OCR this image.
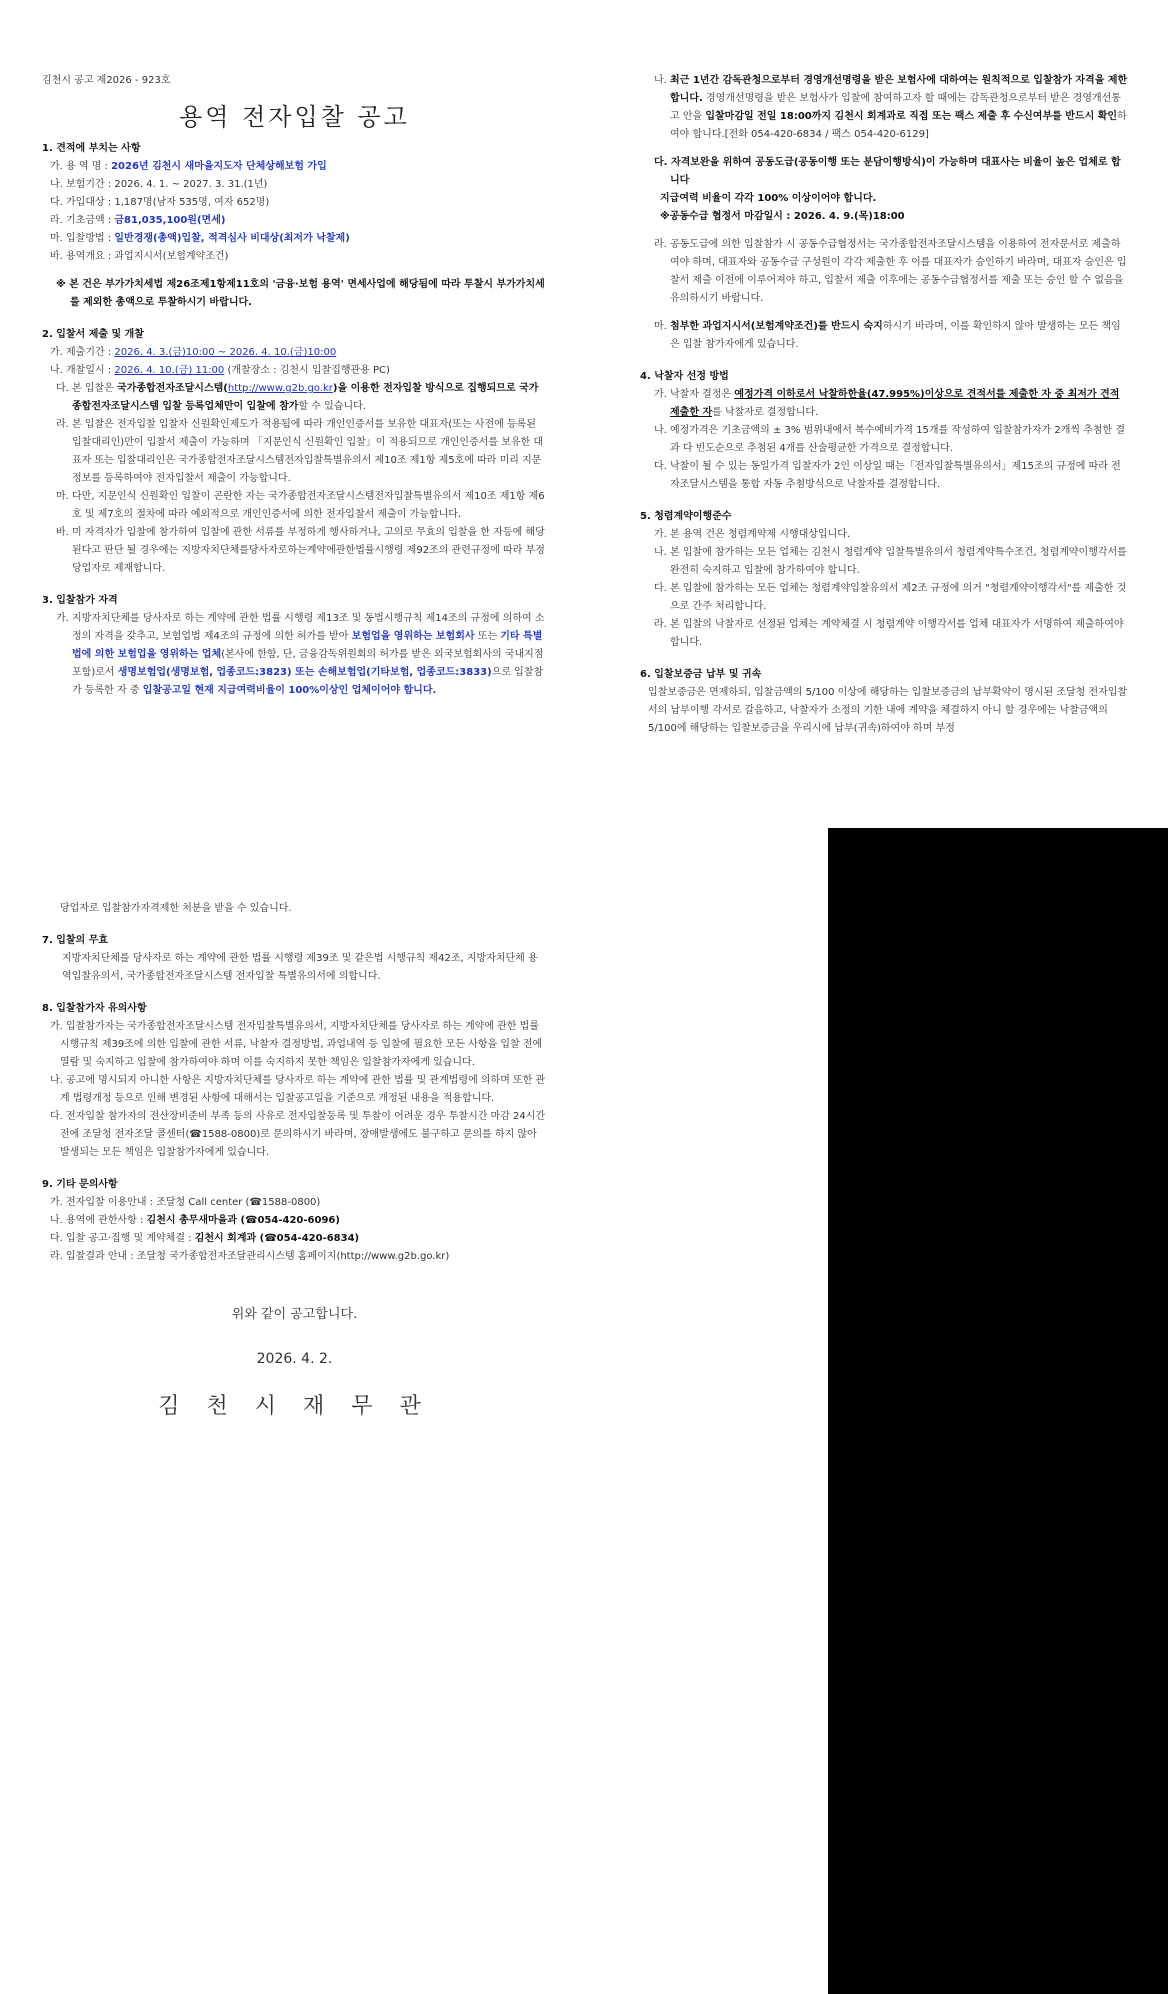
김천시 공고 제2026 - 923호

용역 전자입찰 공고

1. 견적에 부치는 사항

가. 용 역 명 : 2026년 김천시 새마을지도자 단체상해보험 가입

나. 보험기간 : 2026. 4. 1. ~ 2027. 3. 31.(1년)

다. 가입대상 : 1,187명(남자 535명, 여자 652명)

라. 기초금액 : 금81,035,100원(면세)

마. 입찰방법 : 일반경쟁(총액)입찰, 적격심사 비대상(최저가 낙찰제)

바. 용역개요 : 과업지시서(보험계약조건)

※ 본 건은 부가가치세법 제26조제1항제11호의 '금융·보험 용역' 면세사업에 해당됨에 따라 투찰시 부가가치세를 제외한 총액으로 투찰하시기 바랍니다.

2. 입찰서 제출 및 개찰

가. 제출기간 : 2026. 4. 3.(금)10:00 ~ 2026. 4. 10.(금)10:00

나. 개찰일시 : 2026. 4. 10.(금) 11:00 (개찰장소 : 김천시 입찰집행관용 PC)

다. 본 입찰은 국가종합전자조달시스템(http://www.g2b.go.kr)을 이용한 전자입찰 방식으로 집행되므로 국가종합전자조달시스템 입찰 등록업체만이 입찰에 참가할 수 있습니다.

라. 본 입찰은 전자입찰 입찰자 신원확인제도가 적용됨에 따라 개인인증서를 보유한 대표자(또는 사전에 등록된 입찰대리인)만이 입찰서 제출이 가능하며 「지문인식 신원확인 입찰」이 적용되므로 개인인증서를 보유한 대표자 또는 입찰대리인은 국가종합전자조달시스템전자입찰특별유의서 제10조 제1항 제5호에 따라 미리 지문정보를 등록하여야 전자입찰서 제출이 가능합니다.

마. 다만, 지문인식 신원확인 입찰이 곤란한 자는 국가종합전자조달시스템전자입찰특별유의서 제10조 제1항 제6호 및 제7호의 절차에 따라 예외적으로 개인인증서에 의한 전자입찰서 제출이 가능합니다.

바. 미 자격자가 입찰에 참가하여 입찰에 관한 서류를 부정하게 행사하거나, 고의로 무효의 입찰을 한 자등에 해당된다고 판단 될 경우에는 지방자치단체를당사자로하는계약에관한법률시행령 제92조의 관련규정에 따라 부정당업자로 제재합니다.

3. 입찰참가 자격

가. 지방자치단체를 당사자로 하는 계약에 관한 법률 시행령 제13조 및 동법시행규칙 제14조의 규정에 의하여 소정의 자격을 갖추고, 보험업법 제4조의 규정에 의한 허가를 받아 보험업을 영위하는 보험회사 또는 기타 특별법에 의한 보험업을 영위하는 업체(본사에 한함, 단, 금융감독위원회의 허가를 받은 외국보험회사의 국내지점 포함)로서 생명보험업(생명보험, 업종코드:3823) 또는 손해보험업(기타보험, 업종코드:3833)으로 입찰참가 등록한 자 중 입찰공고일 현재 지급여력비율이 100%이상인 업체이어야 합니다.

나. 최근 1년간 감독관청으로부터 경영개선명령을 받은 보험사에 대하여는 원칙적으로 입찰참가 자격을 제한합니다. 경영개선명령을 받은 보험사가 입찰에 참여하고자 할 때에는 감독관청으로부터 받은 경영개선통고 안을 입찰마감일 전일 18:00까지 김천시 회계과로 직접 또는 팩스 제출 후 수신여부를 반드시 확인하여야 합니다.[전화 054-420-6834 / 팩스 054-420-6129]

다. 자격보완을 위하여 공동도급(공동이행 또는 분담이행방식)이 가능하며 대표사는 비율이 높은 업체로 합니다

지급여력 비율이 각각 100% 이상이어야 합니다.

※공동수급 협정서 마감일시 : 2026. 4. 9.(목)18:00

라. 공동도급에 의한 입찰참가 시 공동수급협정서는 국가종합전자조달시스템을 이용하여 전자문서로 제출하여야 하며, 대표자와 공동수급 구성원이 각각 제출한 후 이를 대표자가 승인하기 바라며, 대표자 승인은 입찰서 제출 이전에 이루어져야 하고, 입찰서 제출 이후에는 공동수급협정서를 제출 또는 승인 할 수 없음을 유의하시기 바랍니다.

마. 첨부한 과업지시서(보험계약조건)를 반드시 숙지하시기 바라며, 이를 확인하지 않아 발생하는 모든 책임은 입찰 참가자에게 있습니다.

4. 낙찰자 선정 방법

가. 낙찰자 결정은 예정가격 이하로서 낙찰하한율(47.995%)이상으로 견적서를 제출한 자 중 최저가 견적 제출한 자를 낙찰자로 결정합니다.

나. 예정가격은 기초금액의 ± 3% 범위내에서 복수예비가격 15개를 작성하여 입찰참가자가 2개씩 추첨한 결과 다 빈도순으로 추첨된 4개를 산술평균한 가격으로 결정합니다.

다. 낙찰이 될 수 있는 동일가격 입찰자가 2인 이상일 때는「전자입찰특별유의서」제15조의 규정에 따라 전자조달시스템을 통합 자동 추첨방식으로 낙찰자를 결정합니다.

5. 청렴계약이행준수

가. 본 용역 건은 청렴계약제 시행대상입니다.

나. 본 입찰에 참가하는 모든 업체는 김천시 청렴계약 입찰특별유의서 청렴계약특수조건, 청렴계약이행각서를 완전히 숙지하고 입찰에 참가하여야 합니다.

다. 본 입찰에 참가하는 모든 업체는 청렴계약입찰유의서 제2조 규정에 의거 "청렴계약이행각서"를 제출한 것으로 간주 처리합니다.

라. 본 입찰의 낙찰자로 선정된 업체는 계약체결 시 청렴계약 이행각서를 업체 대표자가 서명하여 제출하여야 합니다.

6. 입찰보증금 납부 및 귀속

입찰보증금은 면제하되, 입찰금액의 5/100 이상에 해당하는 입찰보증금의 납부확약이 명시된 조달청 전자입찰서의 납부이행 각서로 갈음하고, 낙찰자가 소정의 기한 내에 계약을 체결하지 아니 할 경우에는 낙찰금액의 5/100에 해당하는 입찰보증금을 우리시에 납부(귀속)하여야 하며 부정

당업자로 입찰참가자격제한 처분을 받을 수 있습니다.

7. 입찰의 무효

지방자치단체를 당사자로 하는 계약에 관한 법률 시행령 제39조 및 같은법 시행규칙 제42조, 지방자치단체 용역입찰유의서, 국가종합전자조달시스템 전자입찰 특별유의서에 의합니다.

8. 입찰참가자 유의사항

가. 입찰참가자는 국가종합전자조달시스템 전자입찰특별유의서, 지방자치단체를 당사자로 하는 계약에 관한 법률 시행규칙 제39조에 의한 입찰에 관한 서류, 낙찰자 결정방법, 과업내역 등 입찰에 필요한 모든 사항을 입찰 전에 열람 및 숙지하고 입찰에 참가하여야 하며 이를 숙지하지 못한 책임은 입찰참가자에게 있습니다.

나. 공고에 명시되지 아니한 사항은 지방자치단체를 당사자로 하는 계약에 관한 법률 및 관계법령에 의하며 또한 관계 법령개정 등으로 인해 변경된 사항에 대해서는 입찰공고일을 기준으로 개정된 내용을 적용합니다.

다. 전자입찰 참가자의 전산장비준비 부족 등의 사유로 전자입찰등록 및 투찰이 어려운 경우 투찰시간 마감 24시간 전에 조달청 전자조달 콜센터(☎1588-0800)로 문의하시기 바라며, 장애발생에도 불구하고 문의를 하지 않아 발생되는 모든 책임은 입찰참가자에게 있습니다.

9. 기타 문의사항

가. 전자입찰 이용안내 : 조달청 Call center (☎1588-0800)

나. 용역에 관한사항 : 김천시 총무새마을과 (☎054-420-6096)

다. 입찰 공고·집행 및 계약체결 : 김천시 회계과 (☎054-420-6834)

라. 입찰결과 안내 : 조달청 국가종합전자조달관리시스템 홈페이지(http://www.g2b.go.kr)

위와 같이 공고합니다.

2026. 4. 2.

김 천 시 재 무 관
